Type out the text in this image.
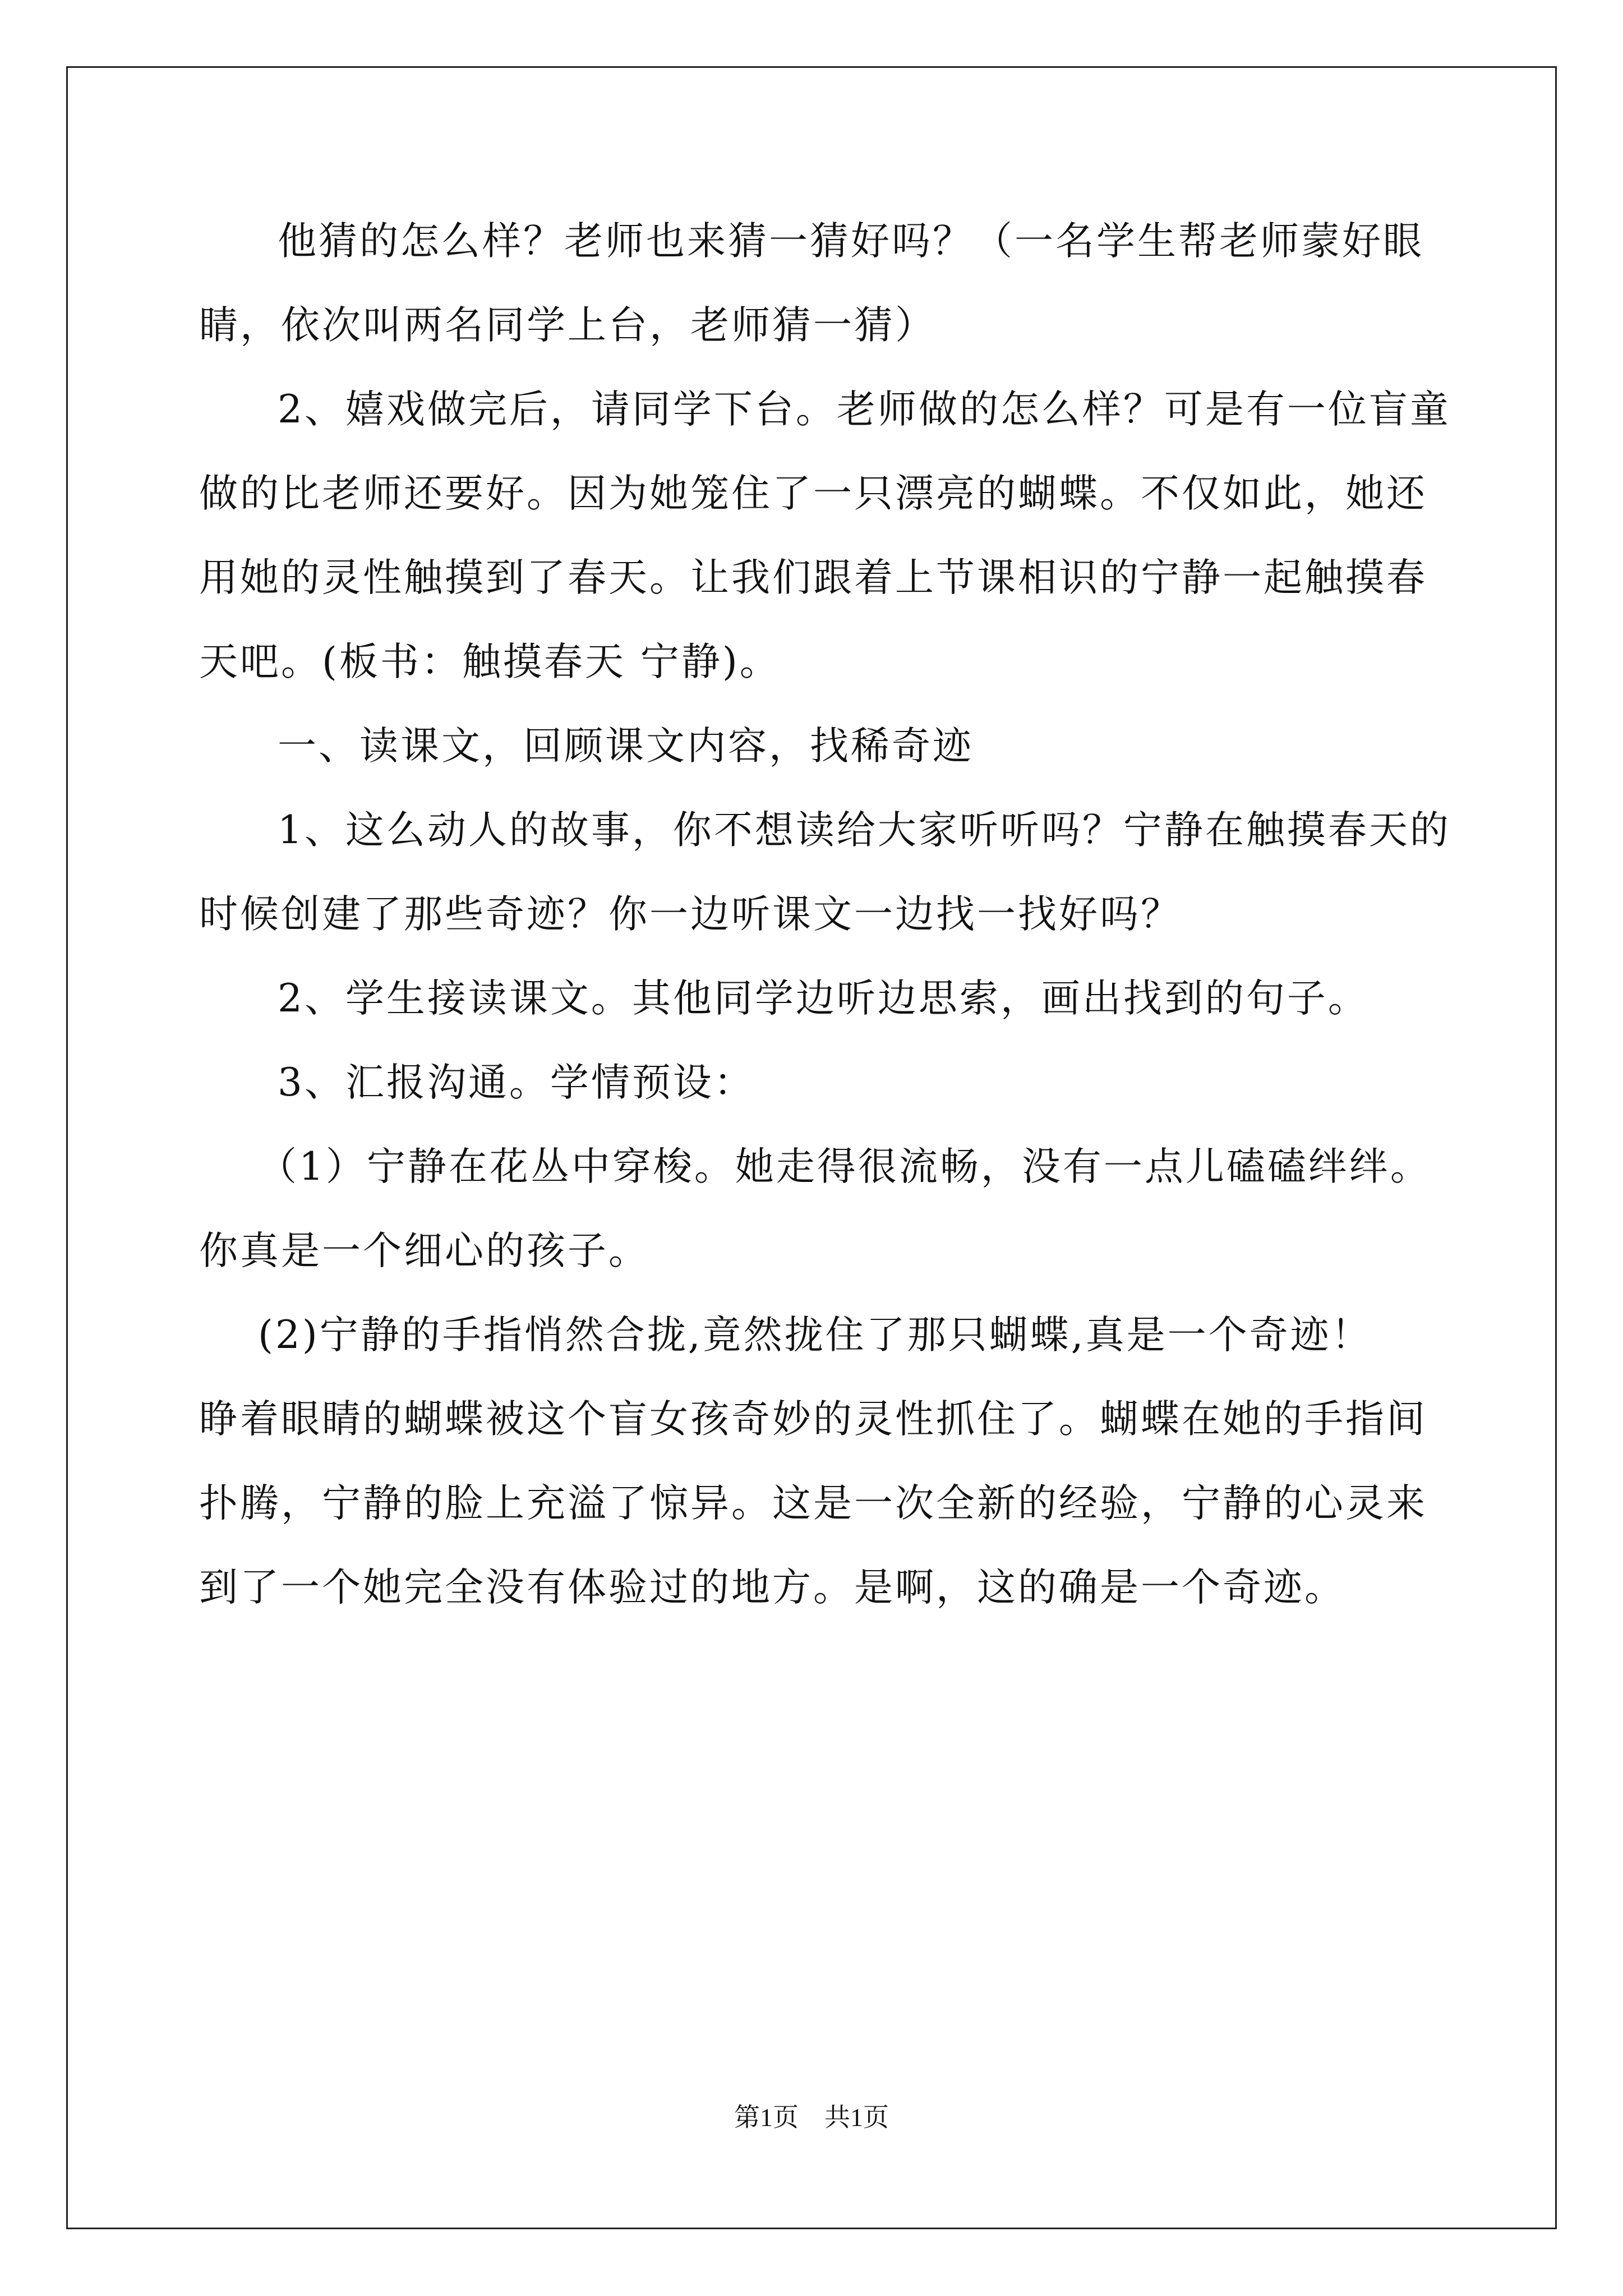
他猜的怎么样？老师也来猜一猜好吗？（一名学生帮老师蒙好眼
睛，依次叫两名同学上台，老师猜一猜）
2、嬉戏做完后，请同学下台。老师做的怎么样？可是有一位盲童
做的比老师还要好。因为她笼住了一只漂亮的蝴蝶。不仅如此，她还
用她的灵性触摸到了春天。让我们跟着上节课相识的宁静一起触摸春
天吧。(板书：触摸春天 宁静)。
一、读课文，回顾课文内容，找稀奇迹
1、这么动人的故事，你不想读给大家听听吗？宁静在触摸春天的
时候创建了那些奇迹？你一边听课文一边找一找好吗？
2、学生接读课文。其他同学边听边思索，画出找到的句子。
3、汇报沟通。学情预设：
（1）宁静在花丛中穿梭。她走得很流畅，没有一点儿磕磕绊绊。
你真是一个细心的孩子。
(2)宁静的手指悄然合拢,竟然拢住了那只蝴蝶,真是一个奇迹！
睁着眼睛的蝴蝶被这个盲女孩奇妙的灵性抓住了。蝴蝶在她的手指间
扑腾，宁静的脸上充溢了惊异。这是一次全新的经验，宁静的心灵来
到了一个她完全没有体验过的地方。是啊，这的确是一个奇迹。
第1页　共1页
